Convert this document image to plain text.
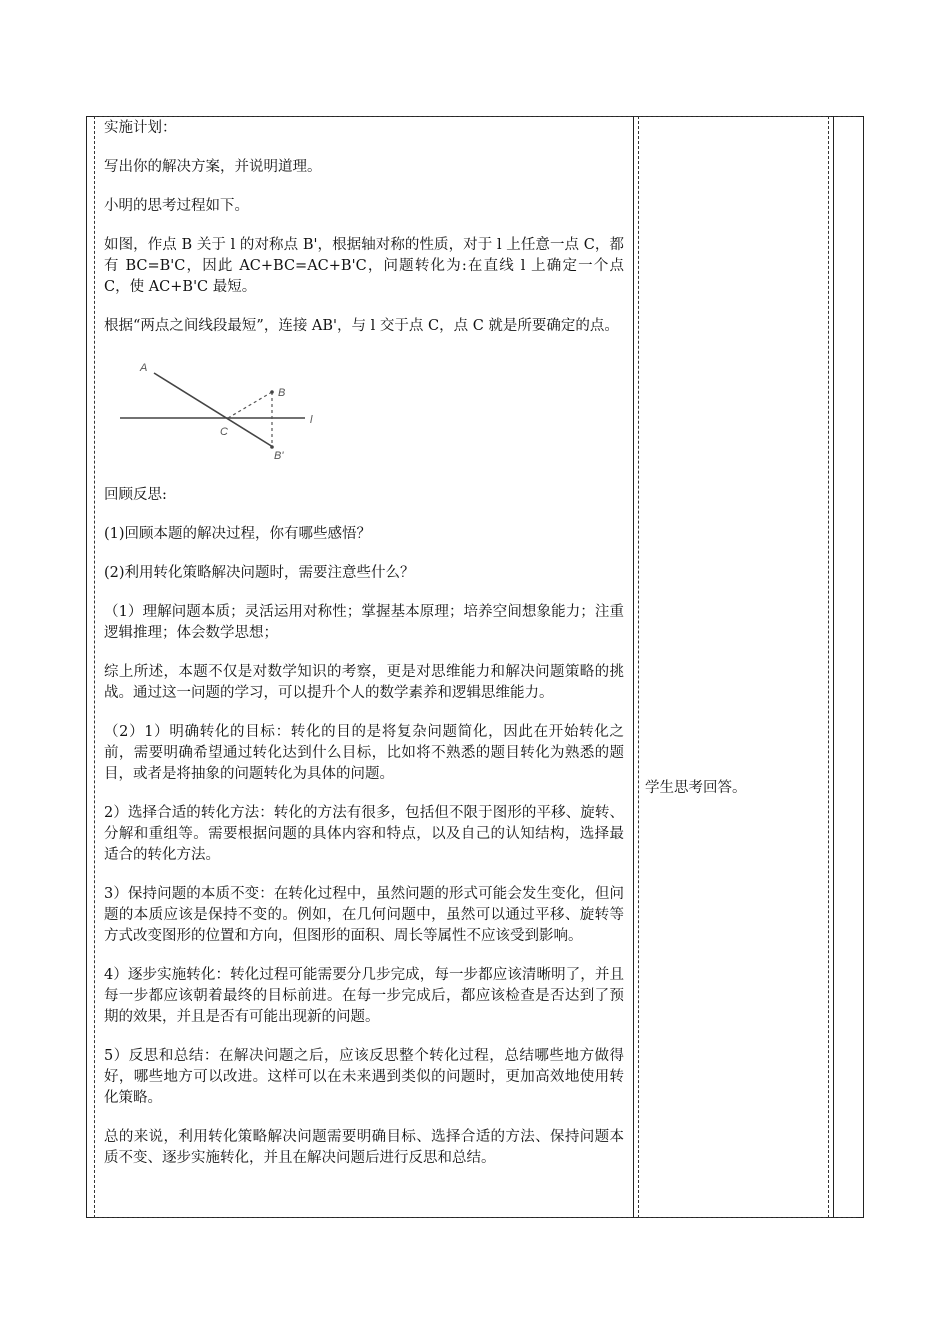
实施计划：

写出你的解决方案，并说明道理。

小明的思考过程如下。

如图，作点 B 关于 l 的对称点 B'，根据轴对称的性质，对于 l 上任意一点 C，都有 BC=B'C，因此 AC+BC=AC+B'C，问题转化为:在直线 l 上确定一个点 C，使 AC+B'C 最短。

根据“两点之间线段最短”，连接 AB'，与 l 交于点 C，点 C 就是所要确定的点。

A
B
B'
C
l

回顾反思:

(1)回顾本题的解决过程，你有哪些感悟？

(2)利用转化策略解决问题时，需要注意些什么？

（1）理解问题本质；灵活运用对称性；掌握基本原理；培养空间想象能力；注重逻辑推理；体会数学思想；

综上所述，本题不仅是对数学知识的考察，更是对思维能力和解决问题策略的挑战。通过这一问题的学习，可以提升个人的数学素养和逻辑思维能力。

（2）1）明确转化的目标：转化的目的是将复杂问题简化，因此在开始转化之前，需要明确希望通过转化达到什么目标，比如将不熟悉的题目转化为熟悉的题目，或者是将抽象的问题转化为具体的问题。

2）选择合适的转化方法：转化的方法有很多，包括但不限于图形的平移、旋转、分解和重组等。需要根据问题的具体内容和特点，以及自己的认知结构，选择最适合的转化方法。

3）保持问题的本质不变：在转化过程中，虽然问题的形式可能会发生变化，但问题的本质应该是保持不变的。例如，在几何问题中，虽然可以通过平移、旋转等方式改变图形的位置和方向，但图形的面积、周长等属性不应该受到影响。

4）逐步实施转化：转化过程可能需要分几步完成，每一步都应该清晰明了，并且每一步都应该朝着最终的目标前进。在每一步完成后，都应该检查是否达到了预期的效果，并且是否有可能出现新的问题。

5）反思和总结：在解决问题之后，应该反思整个转化过程，总结哪些地方做得好，哪些地方可以改进。这样可以在未来遇到类似的问题时，更加高效地使用转化策略。

总的来说，利用转化策略解决问题需要明确目标、选择合适的方法、保持问题本质不变、逐步实施转化，并且在解决问题后进行反思和总结。

学生思考回答。
